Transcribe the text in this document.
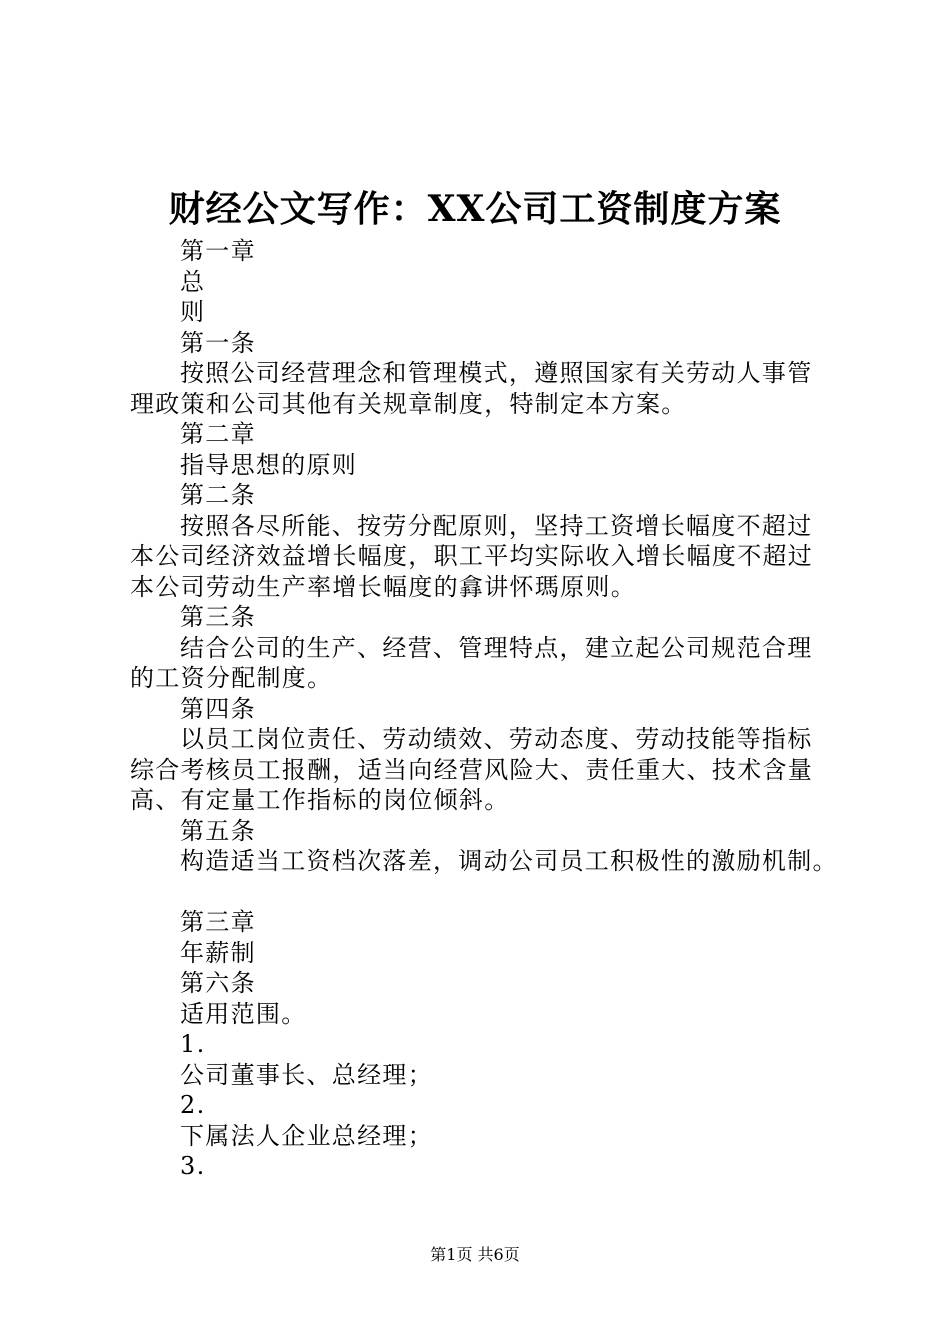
财经公文写作：XX公司工资制度方案
第一章
总
则
第一条
按照公司经营理念和管理模式，遵照国家有关劳动人事管
理政策和公司其他有关规章制度，特制定本方案。
第二章
指导思想的原则
第二条
按照各尽所能、按劳分配原则，坚持工资增长幅度不超过
本公司经济效益增长幅度，职工平均实际收入增长幅度不超过
本公司劳动生产率增长幅度的搻讲怀瑪原则。
第三条
结合公司的生产、经营、管理特点，建立起公司规范合理
的工资分配制度。
第四条
以员工岗位责任、劳动绩效、劳动态度、劳动技能等指标
综合考核员工报酬，适当向经营风险大、责任重大、技术含量
高、有定量工作指标的岗位倾斜。
第五条
构造适当工资档次落差，调动公司员工积极性的激励机制。
第三章
年薪制
第六条
适用范围。
1.
公司董事长、总经理；
2.
下属法人企业总经理；
3.
第1页 共6页
